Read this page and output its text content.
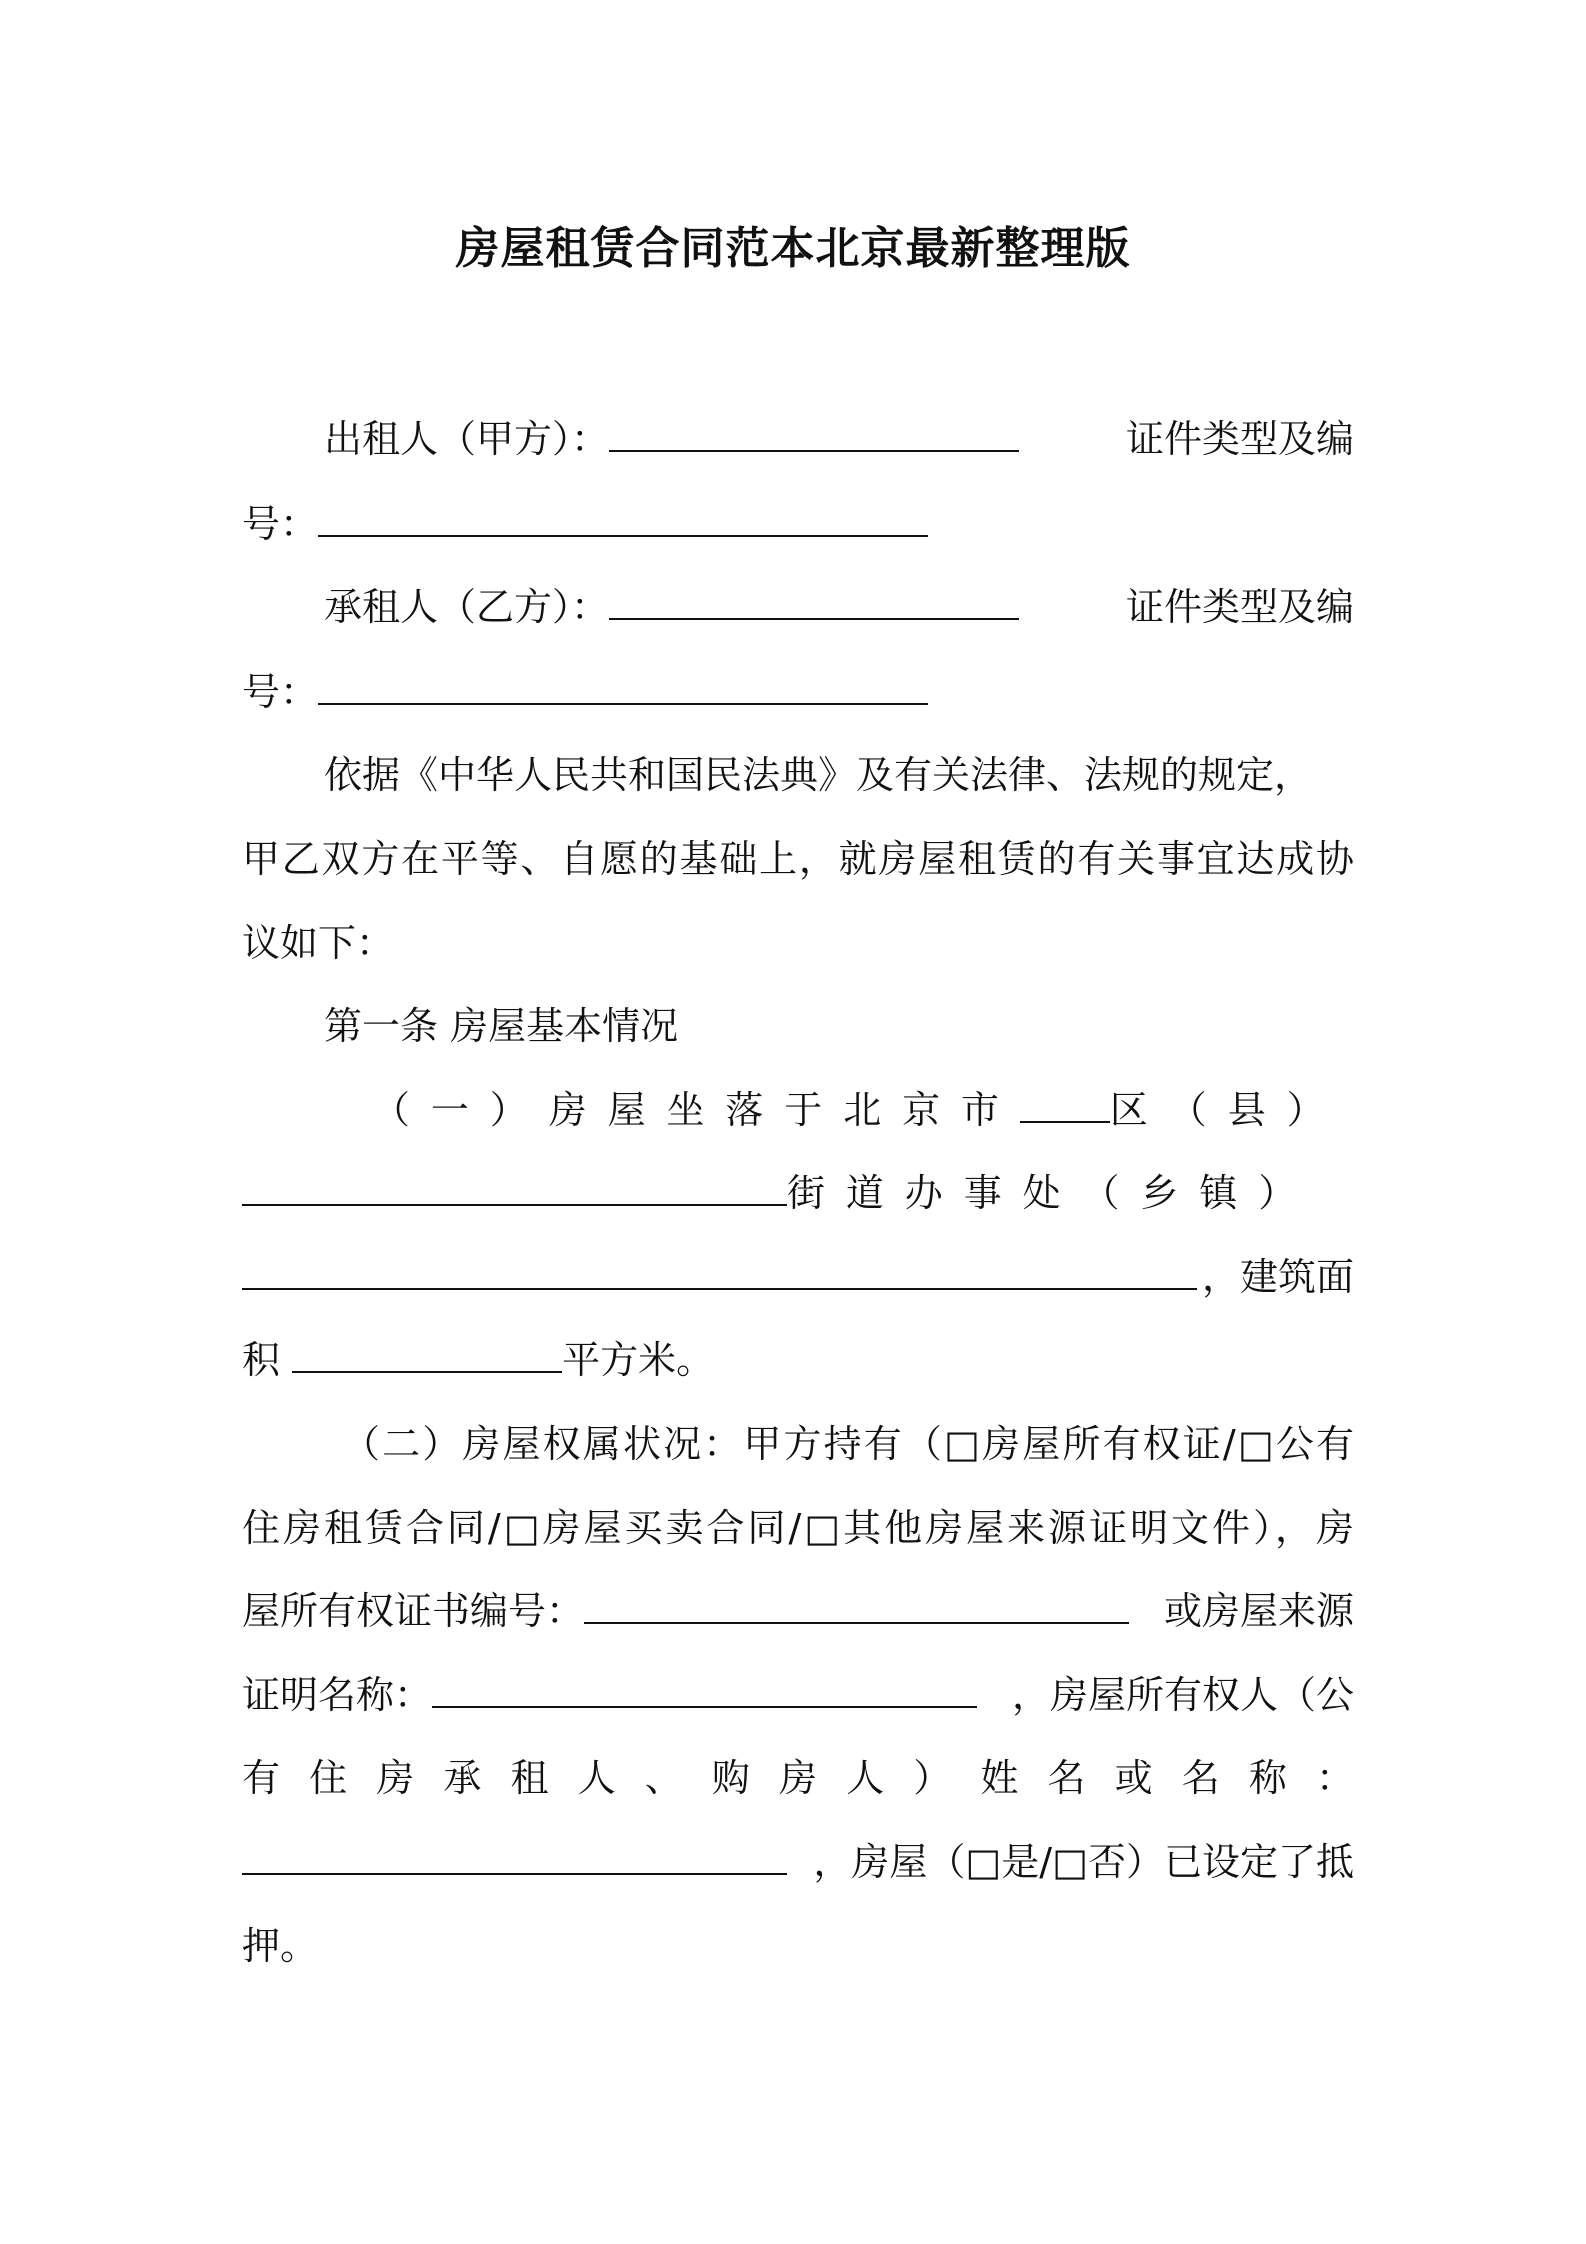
房屋租赁合同范本北京最新整理版
出租人（甲方）：	证件类型及编
号：
承租人（乙方）：	证件类型及编
号：
依据《中华人民共和国民法典》及有关法律、法规的规定，
甲乙双方在平等、自愿的基础上，就房屋租赁的有关事宜达成协
议如下：
第一条 房屋基本情况
（一）房屋坐落于北京市 区（县）
街道办事处（乡镇）
，建筑面
积	平方米。
（二）房屋权属状况：甲方持有（□房屋所有权证/□公有
住房租赁合同/□房屋买卖合同/□其他房屋来源证明文件），房
屋所有权证书编号：	或房屋来源
证明名称：	，房屋所有权人（公
有住房承租人、购房人）姓名或名称：
，房屋（□是/□否）已设定了抵
押。
